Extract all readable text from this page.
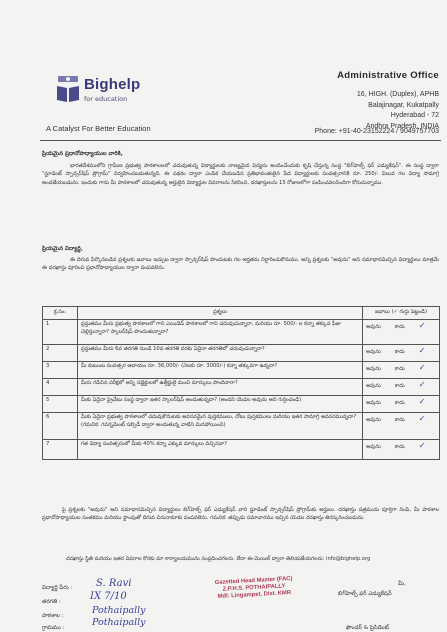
Bighelp
for education
A Catalyst For Better Education
Administrative Office
16, HIGH. (Duplex), APHB
Balajinagar, Kukatpally
Hyderabad - 72
Andhra Pradesh, INDIA
Phone: +91-40-23152224 / 9049757703
ప్రియమైన ప్రధానోపాధ్యాయుల వారికి,
భారతదేశములోని గ్రామీణ ప్రభుత్వ పాఠశాలలలో చదువుతున్న విద్యార్థులకు నాణ్యమైన విద్యను అందించేందుకు కృషి చేస్తున్న సంస్థ "బిగ్‌హెల్ప్ ఫర్ ఎడ్యుకేషన్". ఈ సంస్థ ద్వారా "స్టూడెంట్ స్పాన్సర్‌షిప్ ప్రోగ్రామ్" నిర్వహించబడుతున్నది. ఈ పథకం ద్వారా ఎంపిక చేయబడిన ప్రతిభావంతులైన పేద విద్యార్థులకు సంవత్సరానికి రూ. 250/- విలువ గల విద్యా సామాగ్రి అందజేయబడును. ఇందుకు గాను మీ పాఠశాలలో చదువుతున్న అర్హులైన విద్యార్థుల వివరాలను సేకరించి, దరఖాస్తులను 15 రోజులలోగా పంపించవలసిందిగా కోరుచున్నాము.
ప్రియమైన విద్యార్థి,
ఈ దిగువ పేర్కొనబడిన ప్రశ్నలకు జవాబు ఇచ్చుట ద్వారా స్పాన్సర్‌షిప్ పొందుటకు గల అర్హతను నిర్ధారించుకొనుము. అన్ని ప్రశ్నలకు "అవును" అని సమాధానమిచ్చిన విద్యార్థులు మాత్రమే ఈ దరఖాస్తు పూరించి ప్రధానోపాధ్యాయుల ద్వారా పంపవలెను.
క్ర.సం.	ప్రశ్నలు	జవాబు (✓ గుర్తు పెట్టండి)
1	ప్రస్తుతము మీరు ప్రభుత్వ పాఠశాలలో గాని ఎయిడెడ్ పాఠశాలలో గాని చదువుచున్నారా, మరియు రూ. 500/- ల కన్నా తక్కువ ఫీజు చెల్లిస్తున్నారా? స్కాలర్‌షిప్ పొందుతున్నారా?	అవును కాదు ✓
2	ప్రస్తుతము మీరు 6వ తరగతి నుండి 10వ తరగతి వరకు ఏదైనా తరగతిలో చదువుచున్నారా?	అవును కాదు ✓
3	మీ కుటుంబ సంవత్సర ఆదాయం రూ. 36,000/- (నెలకు రూ. 3000/-) కన్నా తక్కువగా ఉన్నదా?	అవును కాదు ✓
4	మీరు గడిచిన పరీక్షలో అన్ని సబ్జెక్టులలో ఉత్తీర్ణులై మంచి మార్కులు పొందినారా?	అవును కాదు ✓
5	మీకు ఏదైనా ప్రైవేటు సంస్థ ద్వారా ఇతర స్కాలర్‌షిప్ అందుతున్నదా? (అందని యెడల అవును అని గుర్తించండి)	అవును కాదు ✓
6	మీకు ఏదైనా ప్రభుత్వ పాఠశాలలో చదువుకొనుటకు అవసరమైన పుస్తకములు, నోటు పుస్తకములు మరియు ఇతర సామాగ్రి అవసరమున్నదా? (గమనిక: గవర్నమెంట్ సబ్సిడీ ద్వారా అందుతున్న వాటిని మినహాయించి)	అవును కాదు ✓
7	గత విద్యా సంవత్సరంలో మీకు 40% కన్నా ఎక్కువ మార్కులు వచ్చినవా?	అవును కాదు ✓
పై ప్రశ్నలకు "అవును" అని సమాధానమిచ్చిన విద్యార్థులు బిగ్‌హెల్ప్ ఫర్ ఎడ్యుకేషన్ వారి స్టూడెంట్ స్పాన్సర్‌షిప్ ప్రోగ్రామ్‌కు అర్హులు. దరఖాస్తు పత్రమును పూర్తిగా నింపి, మీ పాఠశాల ప్రధానోపాధ్యాయుల సంతకము మరియు స్టాంపుతో దిగువ చిరునామాకు పంపవలెను. గమనిక: తప్పుడు సమాచారము ఇచ్చిన యెడల దరఖాస్తు తిరస్కరించబడును.
దరఖాస్తు స్థితి మరియు ఇతర వివరాల కొరకు మా కార్యాలయమును సంప్రదించగలరు. లేదా ఈ-మెయిల్ ద్వారా తెలియజేయగలరు: info@bighelp.org
విద్యార్థి పేరు : S. Ravi
తరగతి :	IX 7/10
పాఠశాల :	Pothaipally
గ్రామము :	Pothaipally
Gazetted Head Master (FAC)
Z.P.H.S. POTHAIPALLY
Mdl: Lingampet, Dist. KMR
మీ,
బిగ్‌హెల్ప్ ఫర్ ఎడ్యుకేషన్
ఫౌండర్ & ప్రెసిడెంట్
